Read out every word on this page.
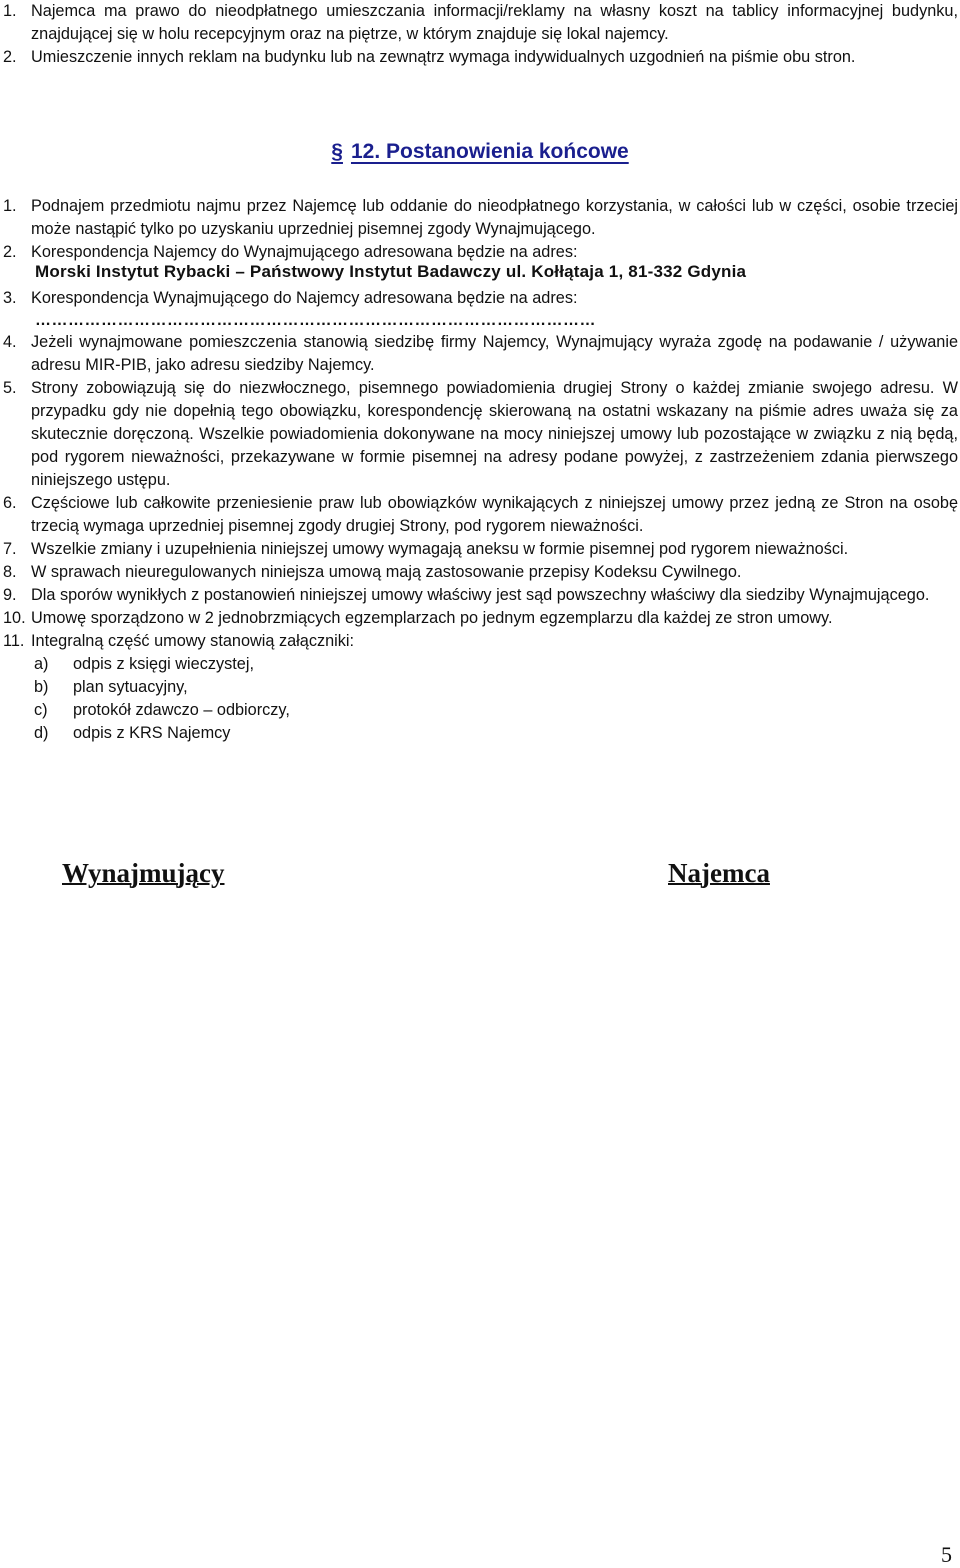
1. Najemca ma prawo do nieodpłatnego umieszczania informacji/reklamy na własny koszt na tablicy informacyjnej budynku, znajdującej się w holu recepcyjnym oraz na piętrze, w którym znajduje się lokal najemcy.
2. Umieszczenie innych reklam na budynku lub na zewnątrz wymaga indywidualnych uzgodnień na piśmie obu stron.
§ 12. Postanowienia końcowe
1. Podnajem przedmiotu najmu przez Najemcę lub oddanie do nieodpłatnego korzystania, w całości lub w części, osobie trzeciej może nastąpić tylko po uzyskaniu uprzedniej pisemnej zgody Wynajmującego.
2. Korespondencja Najemcy do Wynajmującego adresowana będzie na adres:
Morski Instytut Rybacki – Państwowy Instytut Badawczy ul. Kołłątaja 1, 81-332 Gdynia
3. Korespondencja Wynajmującego do Najemcy adresowana będzie na adres:
…………………………………………………………………………………………
4. Jeżeli wynajmowane pomieszczenia stanowią siedzibę firmy Najemcy, Wynajmujący wyraża zgodę na podawanie / używanie adresu MIR-PIB, jako adresu siedziby Najemcy.
5. Strony zobowiązują się do niezwłocznego, pisemnego powiadomienia drugiej Strony o każdej zmianie swojego adresu. W przypadku gdy nie dopełnią tego obowiązku, korespondencję skierowaną na ostatni wskazany na piśmie adres uważa się za skutecznie doręczoną. Wszelkie powiadomienia dokonywane na mocy niniejszej umowy lub pozostające w związku z nią będą, pod rygorem nieważności, przekazywane w formie pisemnej na adresy podane powyżej, z zastrzeżeniem zdania pierwszego niniejszego ustępu.
6. Częściowe lub całkowite przeniesienie praw lub obowiązków wynikających z niniejszej umowy przez jedną ze Stron na osobę trzecią wymaga uprzedniej pisemnej zgody drugiej Strony, pod rygorem nieważności.
7. Wszelkie zmiany i uzupełnienia niniejszej umowy wymagają aneksu w formie pisemnej pod rygorem nieważności.
8. W sprawach nieuregulowanych niniejsza umową mają zastosowanie przepisy Kodeksu Cywilnego.
9. Dla sporów wynikłych z postanowień niniejszej umowy właściwy jest sąd powszechny właściwy dla siedziby Wynajmującego.
10. Umowę sporządzono w 2 jednobrzmiących egzemplarzach po jednym egzemplarzu dla każdej ze stron umowy.
11. Integralną część umowy stanowią załączniki:
a) odpis z księgi wieczystej,
b) plan sytuacyjny,
c) protokół zdawczo – odbiorczy,
d) odpis z KRS Najemcy
Wynajmujący	Najemca
5
